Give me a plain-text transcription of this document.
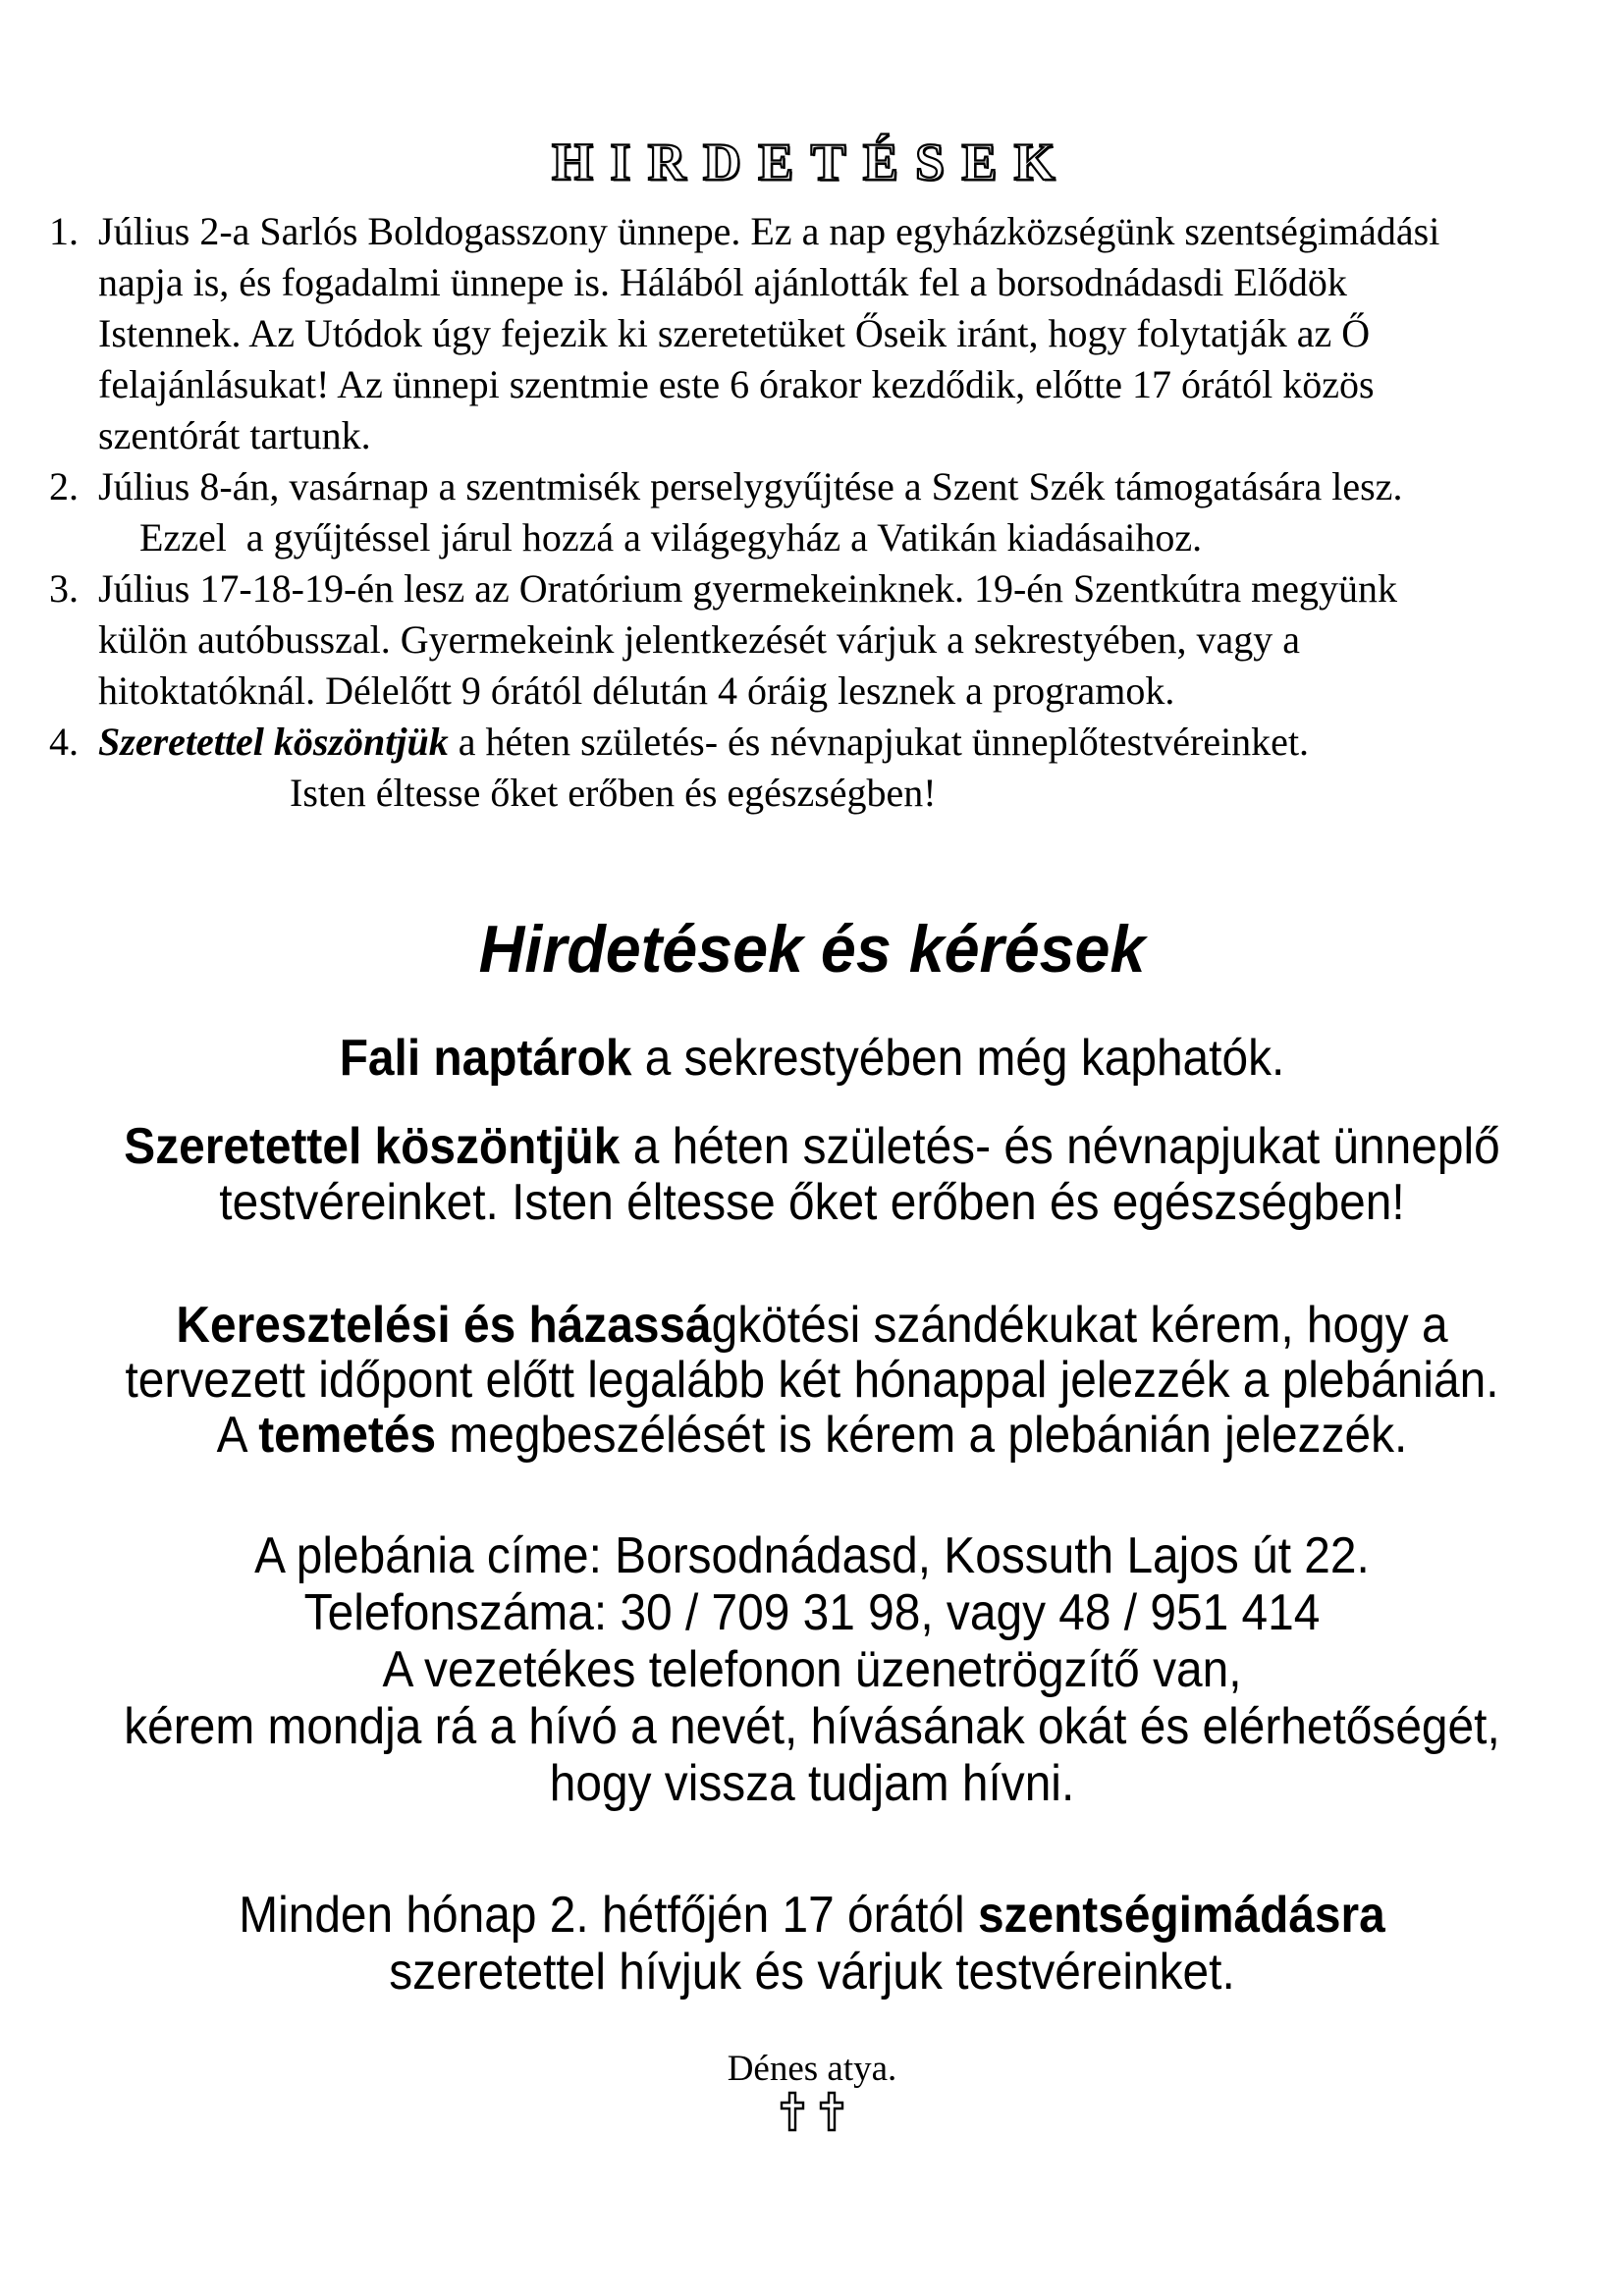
HIRDETÉSEK
1. Július 2-a Sarlós Boldogasszony ünnepe. Ez a nap egyházközségünk szentségimádási
napja is, és fogadalmi ünnepe is. Hálából ajánlották fel a borsodnádasdi Elődök
Istennek. Az Utódok úgy fejezik ki szeretetüket Őseik iránt, hogy folytatják az Ő
felajánlásukat! Az ünnepi szentmie este 6 órakor kezdődik, előtte 17 órától közös
szentórát tartunk.
2. Július 8-án, vasárnap a szentmisék perselygyűjtése a Szent Szék támogatására lesz.
Ezzel  a gyűjtéssel járul hozzá a világegyház a Vatikán kiadásaihoz.
3. Július 17-18-19-én lesz az Oratórium gyermekeinknek. 19-én Szentkútra megyünk
külön autóbusszal. Gyermekeink jelentkezését várjuk a sekrestyében, vagy a
hitoktatóknál. Délelőtt 9 órától délután 4 óráig lesznek a programok.
4. Szeretettel köszöntjük a héten születés- és névnapjukat ünneplőtestvéreinket.
Isten éltesse őket erőben és egészségben!
Hirdetések és kérések
Fali naptárok a sekrestyében még kaphatók.
Szeretettel köszöntjük a héten születés- és névnapjukat ünneplő
testvéreinket. Isten éltesse őket erőben és egészségben!
Keresztelési és házasságkötési szándékukat kérem, hogy a
tervezett időpont előtt legalább két hónappal jelezzék a plebánián.
A temetés megbeszélését is kérem a plebánián jelezzék.
A plebánia címe: Borsodnádasd, Kossuth Lajos út 22.
Telefonszáma: 30 / 709 31 98, vagy 48 / 951 414
A vezetékes telefonon üzenetrögzítő van,
kérem mondja rá a hívó a nevét, hívásának okát és elérhetőségét,
hogy vissza tudjam hívni.
Minden hónap 2. hétfőjén 17 órától szentségimádásra
szeretettel hívjuk és várjuk testvéreinket.
Dénes atya.
